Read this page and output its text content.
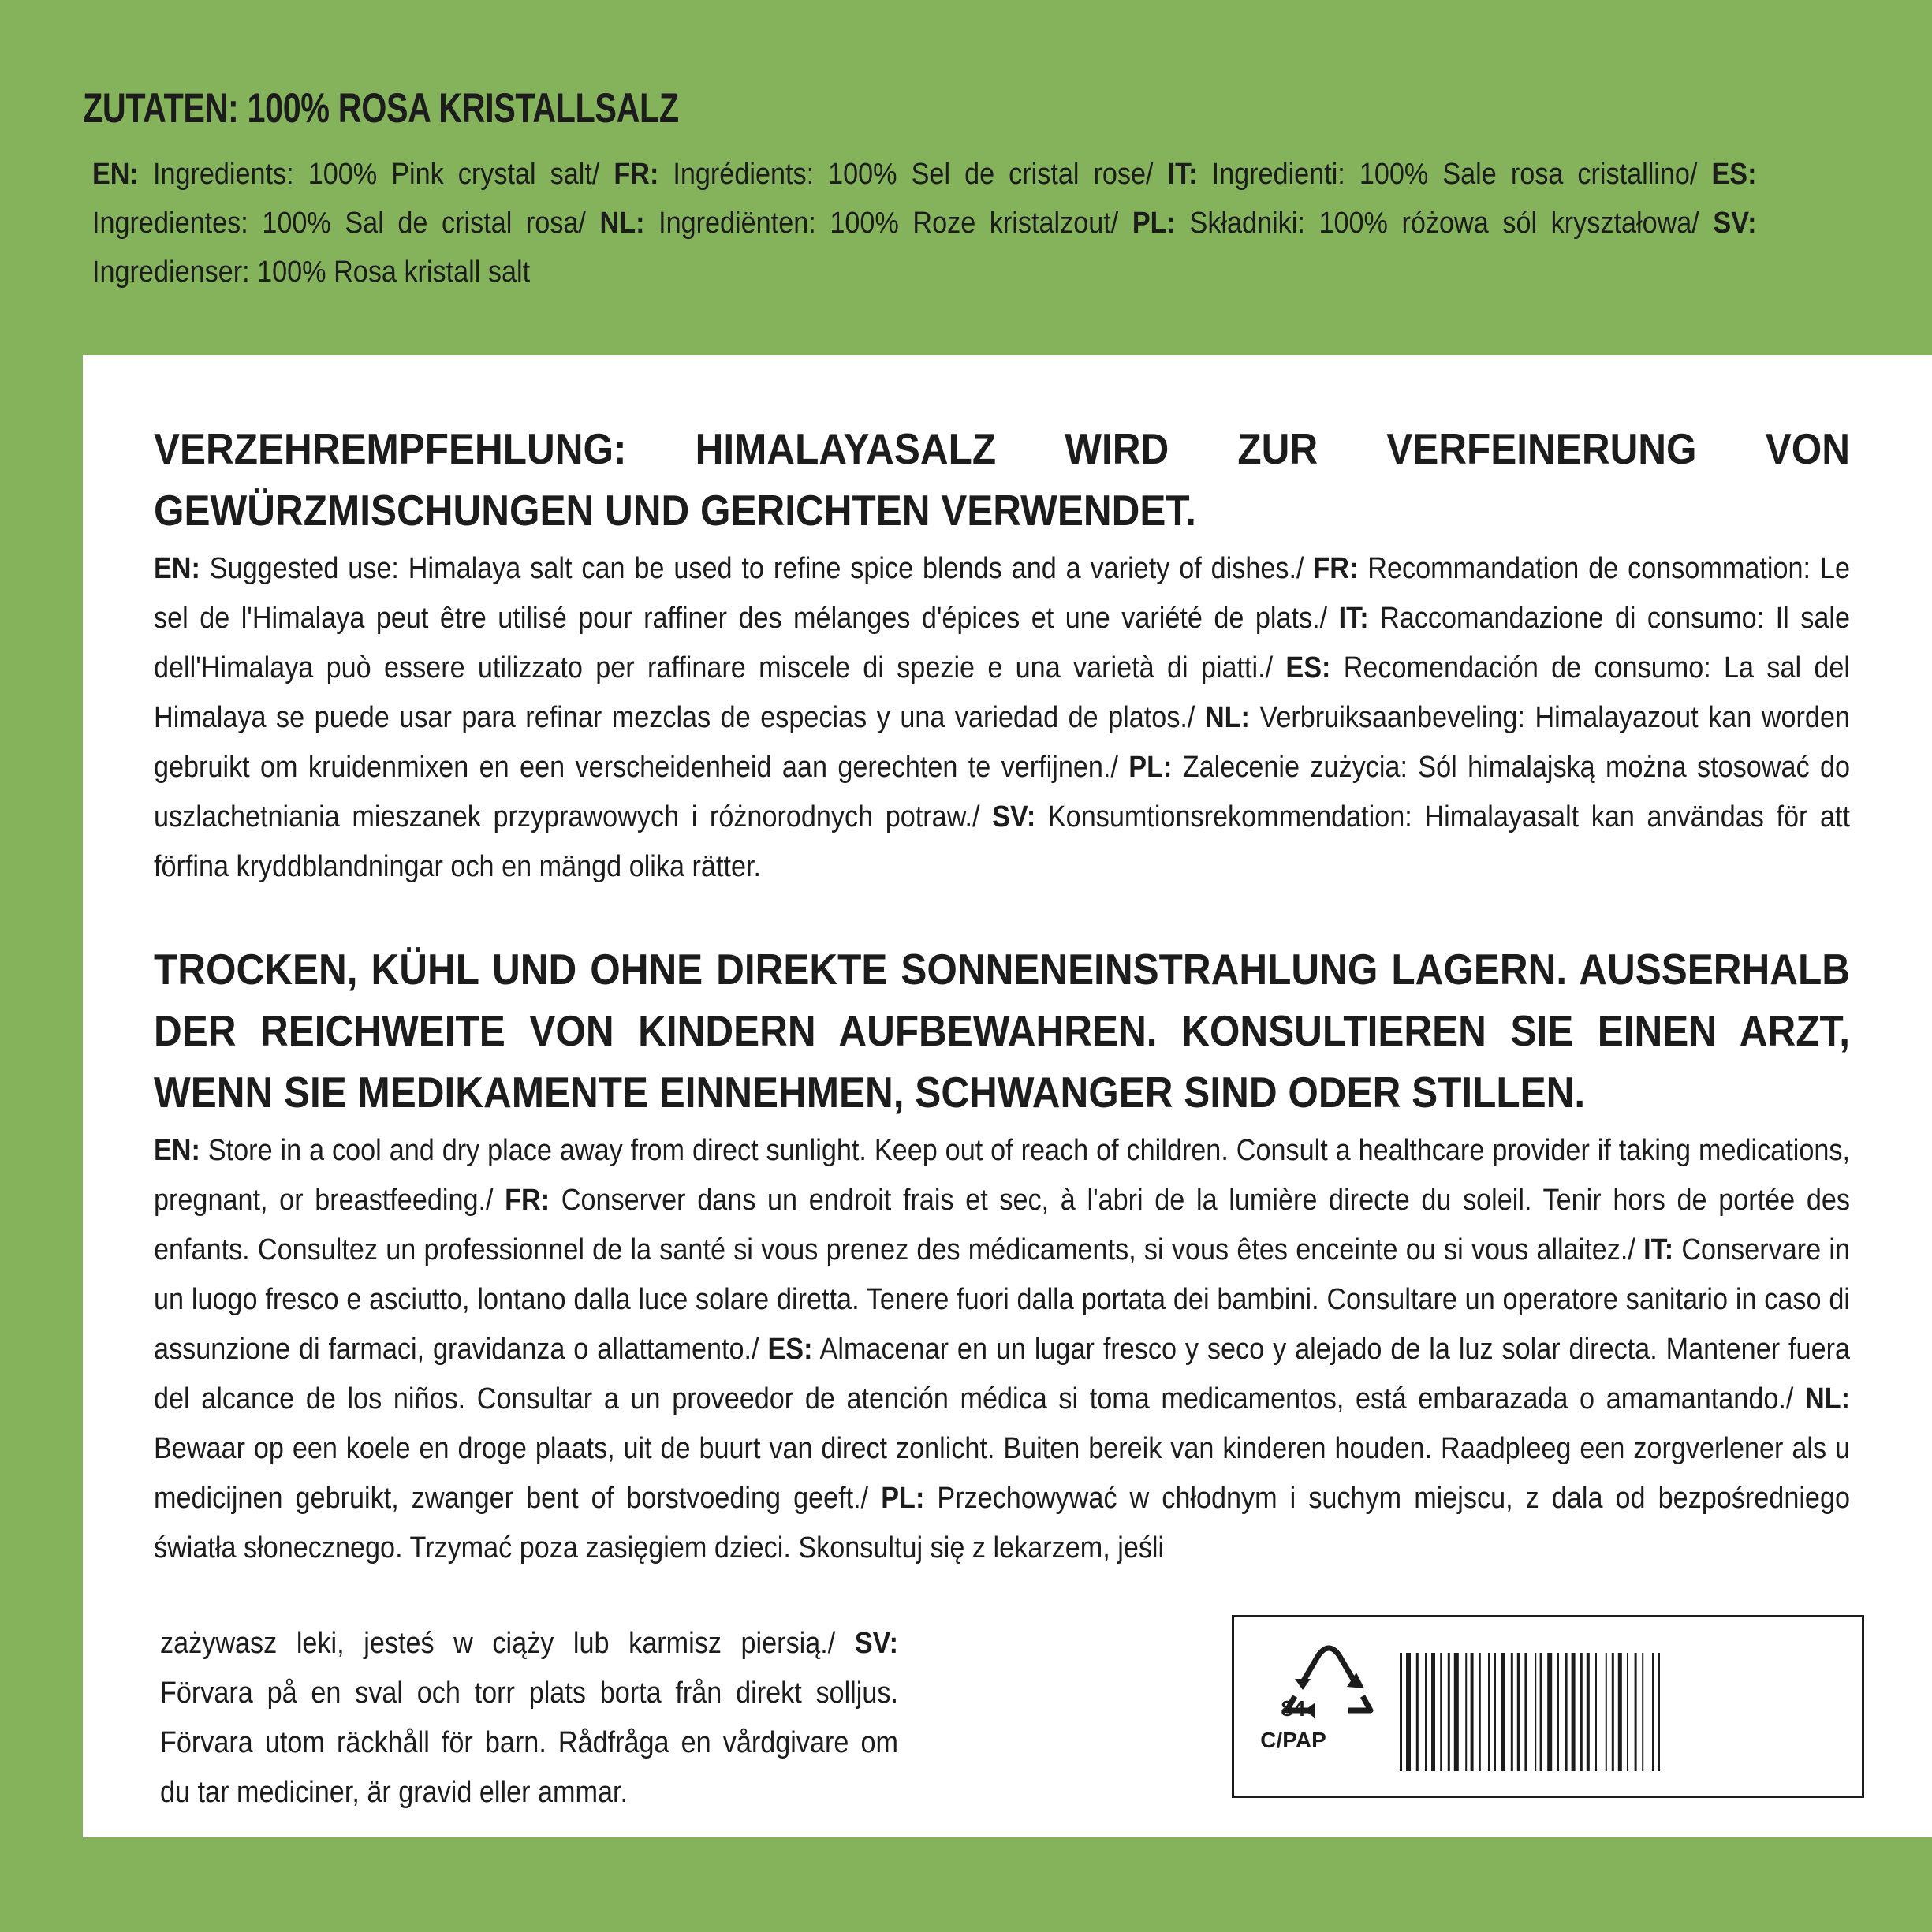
ZUTATEN: 100% ROSA KRISTALLSALZ

EN: Ingredients: 100% Pink crystal salt/ FR: Ingrédients: 100% Sel de cristal rose/ IT: Ingredienti: 100% Sale rosa cristallino/ ES: Ingredientes: 100% Sal de cristal rosa/ NL: Ingrediënten: 100% Roze kristalzout/ PL: Składniki: 100% różowa sól kryształowa/ SV: Ingredienser: 100% Rosa kristall salt

VERZEHREMPFEHLUNG: HIMALAYASALZ WIRD ZUR VERFEINERUNG VON GEWÜRZMISCHUNGEN UND GERICHTEN VERWENDET.

EN: Suggested use: Himalaya salt can be used to refine spice blends and a variety of dishes./ FR: Recommandation de consommation: Le sel de l'Himalaya peut être utilisé pour raffiner des mélanges d'épices et une variété de plats./ IT: Raccomandazione di consumo: Il sale dell'Himalaya può essere utilizzato per raffinare miscele di spezie e una varietà di piatti./ ES: Recomendación de consumo: La sal del Himalaya se puede usar para refinar mezclas de especias y una variedad de platos./ NL: Verbruiksaanbeveling: Himalayazout kan worden gebruikt om kruidenmixen en een verscheidenheid aan gerechten te verfijnen./ PL: Zalecenie zużycia: Sól himalajską można stosować do uszlachetniania mieszanek przyprawowych i różnorodnych potraw./ SV: Konsumtionsrekommendation: Himalayasalt kan användas för att förfina kryddblandningar och en mängd olika rätter.

TROCKEN, KÜHL UND OHNE DIREKTE SONNENEINSTRAHLUNG LAGERN. AUSSERHALB DER REICHWEITE VON KINDERN AUFBEWAHREN. KONSULTIEREN SIE EINEN ARZT, WENN SIE MEDIKAMENTE EINNEHMEN, SCHWANGER SIND ODER STILLEN.

EN: Store in a cool and dry place away from direct sunlight. Keep out of reach of children. Consult a healthcare provider if taking medications, pregnant, or breastfeeding./ FR: Conserver dans un endroit frais et sec, à l'abri de la lumière directe du soleil. Tenir hors de portée des enfants. Consultez un professionnel de la santé si vous prenez des médicaments, si vous êtes enceinte ou si vous allaitez./ IT: Conservare in un luogo fresco e asciutto, lontano dalla luce solare diretta. Tenere fuori dalla portata dei bambini. Consultare un operatore sanitario in caso di assunzione di farmaci, gravidanza o allattamento./ ES: Almacenar en un lugar fresco y seco y alejado de la luz solar directa. Mantener fuera del alcance de los niños. Consultar a un proveedor de atención médica si toma medicamentos, está embarazada o amamantando./ NL: Bewaar op een koele en droge plaats, uit de buurt van direct zonlicht. Buiten bereik van kinderen houden. Raadpleeg een zorgverlener als u medicijnen gebruikt, zwanger bent of borstvoeding geeft./ PL: Przechowywać w chłodnym i suchym miejscu, z dala od bezpośredniego światła słonecznego. Trzymać poza zasięgiem dzieci. Skonsultuj się z lekarzem, jeśli

zażywasz leki, jesteś w ciąży lub karmisz piersią./ SV: Förvara på en sval och torr plats borta från direkt solljus. Förvara utom räckhåll för barn. Rådfråga en vårdgivare om du tar mediciner, är gravid eller ammar.

84
C/PAP
